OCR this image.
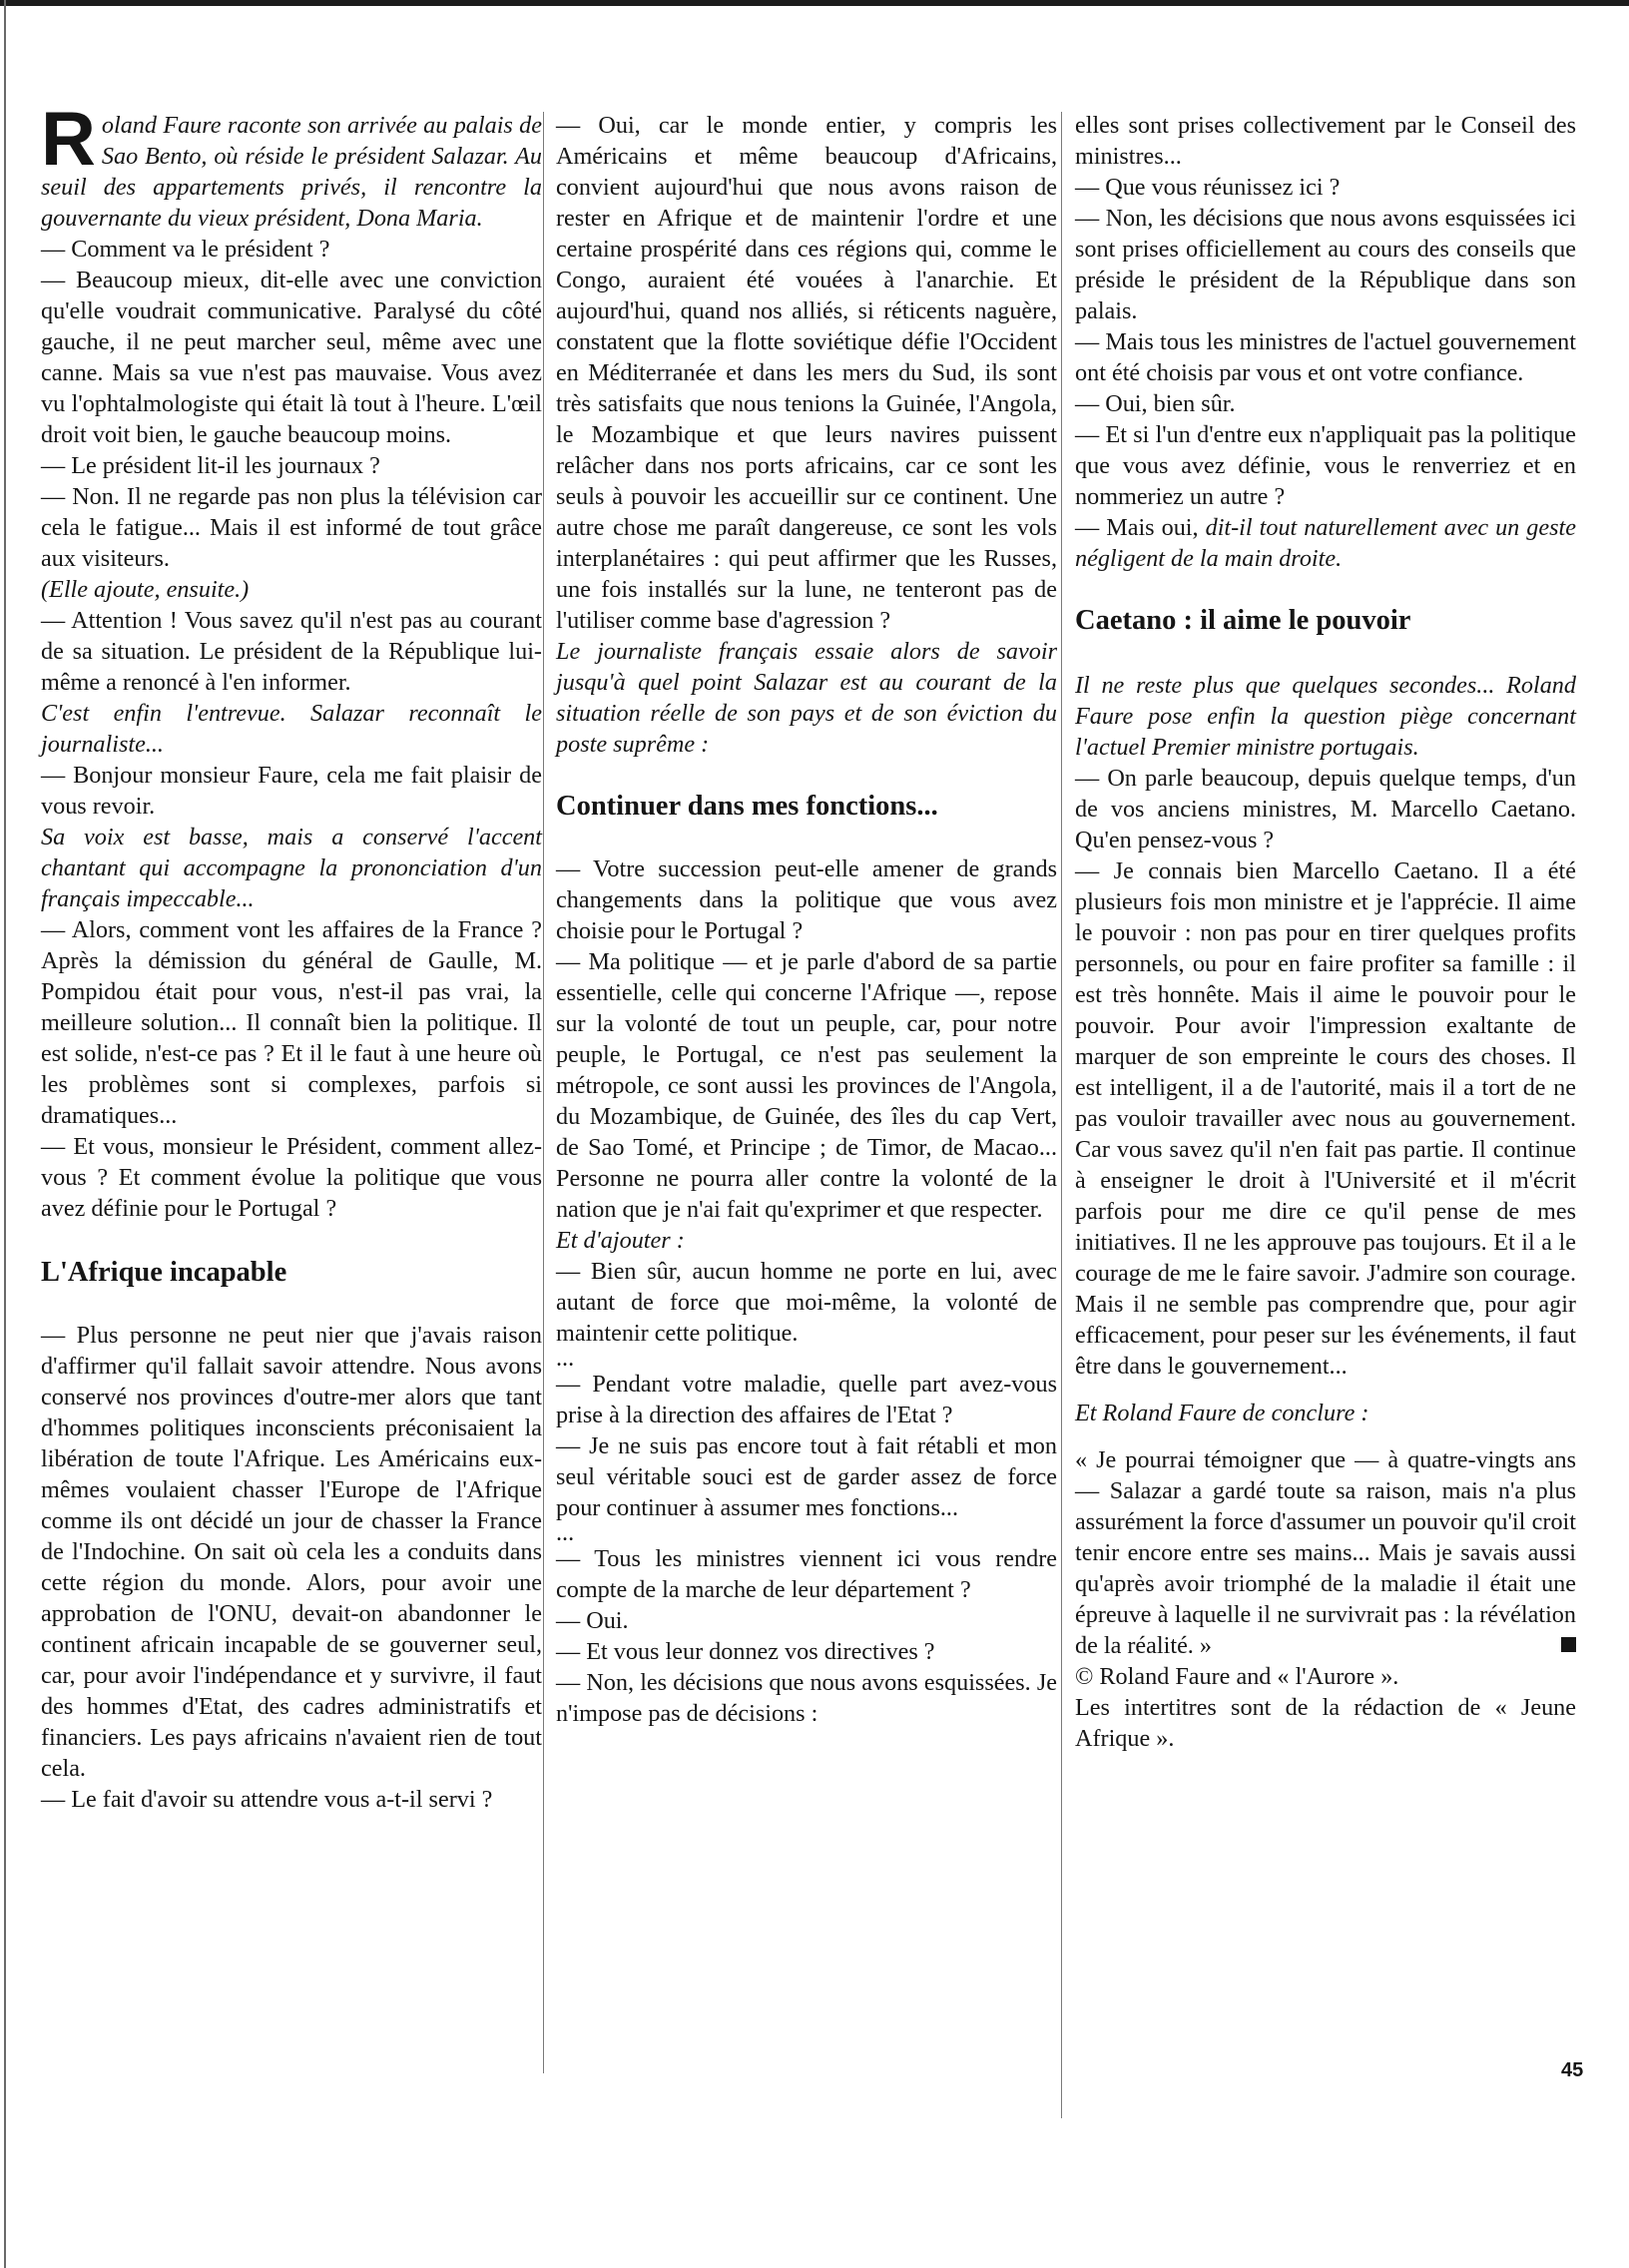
Roland Faure raconte son arrivée au palais de Sao Bento, où réside le président Salazar. Au seuil des appartements privés, il rencontre la gouvernante du vieux président, Dona Maria.

— Comment va le président ?

— Beaucoup mieux, dit-elle avec une conviction qu'elle voudrait communicative. Paralysé du côté gauche, il ne peut marcher seul, même avec une canne. Mais sa vue n'est pas mauvaise. Vous avez vu l'ophtalmologiste qui était là tout à l'heure. L'œil droit voit bien, le gauche beaucoup moins.

— Le président lit-il les journaux ?

— Non. Il ne regarde pas non plus la télévision car cela le fatigue... Mais il est informé de tout grâce aux visiteurs.

(Elle ajoute, ensuite.)

— Attention ! Vous savez qu'il n'est pas au courant de sa situation. Le président de la République lui-même a renoncé à l'en informer.

C'est enfin l'entrevue. Salazar reconnaît le journaliste...

— Bonjour monsieur Faure, cela me fait plaisir de vous revoir.

Sa voix est basse, mais a conservé l'accent chantant qui accompagne la prononciation d'un français impeccable...

— Alors, comment vont les affaires de la France ? Après la démission du général de Gaulle, M. Pompidou était pour vous, n'est-il pas vrai, la meilleure solution... Il connaît bien la politique. Il est solide, n'est-ce pas ? Et il le faut à une heure où les problèmes sont si complexes, parfois si dramatiques...

— Et vous, monsieur le Président, comment allez-vous ? Et comment évolue la politique que vous avez définie pour le Portugal ?

L'Afrique incapable

— Plus personne ne peut nier que j'avais raison d'affirmer qu'il fallait savoir attendre. Nous avons conservé nos provinces d'outre-mer alors que tant d'hommes politiques inconscients préconisaient la libération de toute l'Afrique. Les Américains eux-mêmes voulaient chasser l'Europe de l'Afrique comme ils ont décidé un jour de chasser la France de l'Indochine. On sait où cela les a conduits dans cette région du monde. Alors, pour avoir une approbation de l'ONU, devait-on abandonner le continent africain incapable de se gouverner seul, car, pour avoir l'indépendance et y survivre, il faut des hommes d'Etat, des cadres administratifs et financiers. Les pays africains n'avaient rien de tout cela.

— Le fait d'avoir su attendre vous a-t-il servi ?

— Oui, car le monde entier, y compris les Américains et même beaucoup d'Africains, convient aujourd'hui que nous avons raison de rester en Afrique et de maintenir l'ordre et une certaine prospérité dans ces régions qui, comme le Congo, auraient été vouées à l'anarchie. Et aujourd'hui, quand nos alliés, si réticents naguère, constatent que la flotte soviétique défie l'Occident en Méditerranée et dans les mers du Sud, ils sont très satisfaits que nous tenions la Guinée, l'Angola, le Mozambique et que leurs navires puissent relâcher dans nos ports africains, car ce sont les seuls à pouvoir les accueillir sur ce continent. Une autre chose me paraît dangereuse, ce sont les vols interplanétaires : qui peut affirmer que les Russes, une fois installés sur la lune, ne tenteront pas de l'utiliser comme base d'agression ?

Le journaliste français essaie alors de savoir jusqu'à quel point Salazar est au courant de la situation réelle de son pays et de son éviction du poste suprême :

Continuer dans mes fonctions...

— Votre succession peut-elle amener de grands changements dans la politique que vous avez choisie pour le Portugal ?

— Ma politique — et je parle d'abord de sa partie essentielle, celle qui concerne l'Afrique —, repose sur la volonté de tout un peuple, car, pour notre peuple, le Portugal, ce n'est pas seulement la métropole, ce sont aussi les provinces de l'Angola, du Mozambique, de Guinée, des îles du cap Vert, de Sao Tomé, et Principe ; de Timor, de Macao... Personne ne pourra aller contre la volonté de la nation que je n'ai fait qu'exprimer et que respecter.

Et d'ajouter :

— Bien sûr, aucun homme ne porte en lui, avec autant de force que moi-même, la volonté de maintenir cette politique.

...

— Pendant votre maladie, quelle part avez-vous prise à la direction des affaires de l'Etat ?

— Je ne suis pas encore tout à fait rétabli et mon seul véritable souci est de garder assez de force pour continuer à assumer mes fonctions...

...

— Tous les ministres viennent ici vous rendre compte de la marche de leur département ?

— Oui.

— Et vous leur donnez vos directives ?

— Non, les décisions que nous avons esquissées. Je n'impose pas de décisions :

elles sont prises collectivement par le Conseil des ministres...

— Que vous réunissez ici ?

— Non, les décisions que nous avons esquissées ici sont prises officiellement au cours des conseils que préside le président de la République dans son palais.

— Mais tous les ministres de l'actuel gouvernement ont été choisis par vous et ont votre confiance.

— Oui, bien sûr.

— Et si l'un d'entre eux n'appliquait pas la politique que vous avez définie, vous le renverriez et en nommeriez un autre ?

— Mais oui, dit-il tout naturellement avec un geste négligent de la main droite.

Caetano : il aime le pouvoir

Il ne reste plus que quelques secondes... Roland Faure pose enfin la question piège concernant l'actuel Premier ministre portugais.

— On parle beaucoup, depuis quelque temps, d'un de vos anciens ministres, M. Marcello Caetano. Qu'en pensez-vous ?

— Je connais bien Marcello Caetano. Il a été plusieurs fois mon ministre et je l'apprécie. Il aime le pouvoir : non pas pour en tirer quelques profits personnels, ou pour en faire profiter sa famille : il est très honnête. Mais il aime le pouvoir pour le pouvoir. Pour avoir l'impression exaltante de marquer de son empreinte le cours des choses. Il est intelligent, il a de l'autorité, mais il a tort de ne pas vouloir travailler avec nous au gouvernement. Car vous savez qu'il n'en fait pas partie. Il continue à enseigner le droit à l'Université et il m'écrit parfois pour me dire ce qu'il pense de mes initiatives. Il ne les approuve pas toujours. Et il a le courage de me le faire savoir. J'admire son courage. Mais il ne semble pas comprendre que, pour agir efficacement, pour peser sur les événements, il faut être dans le gouvernement...

Et Roland Faure de conclure :

« Je pourrai témoigner que — à quatre-vingts ans — Salazar a gardé toute sa raison, mais n'a plus assurément la force d'assumer un pouvoir qu'il croit tenir encore entre ses mains... Mais je savais aussi qu'après avoir triomphé de la maladie il était une épreuve à laquelle il ne survivrait pas : la révélation de la réalité. »

© Roland Faure and « l'Aurore ».

Les intertitres sont de la rédaction de « Jeune Afrique ».

45
